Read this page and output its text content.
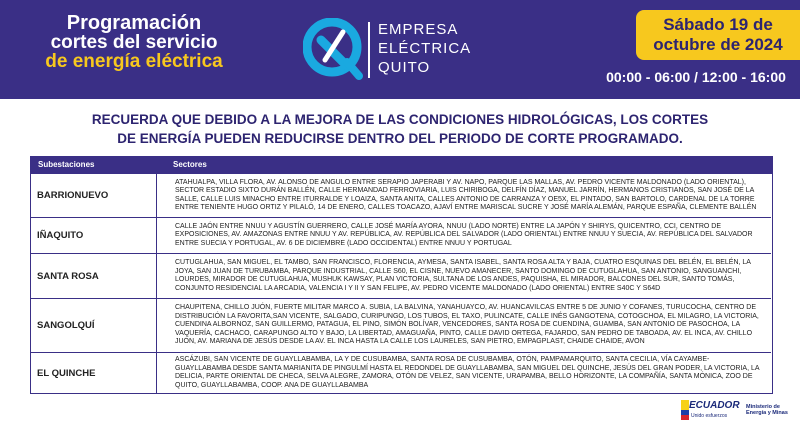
Programación
cortes del servicio
de energía eléctrica
EMPRESA
ELÉCTRICA
QUITO
Sábado 19 de
octubre de 2024
00:00 - 06:00 / 12:00 - 16:00
RECUERDA QUE DEBIDO A LA MEJORA DE LAS CONDICIONES HIDROLÓGICAS, LOS CORTES
DE ENERGÍA PUEDEN REDUCIRSE DENTRO DEL PERIODO DE CORTE PROGRAMADO.
Subestaciones	Sectores
BARRIONUEVO
ATAHUALPA, VILLA FLORA, AV. ALONSO DE ANGULO ENTRE SERAPIO JAPERABI Y AV. NAPO, PARQUE LAS MALLAS, AV. PEDRO VICENTE MALDONADO (LADO ORIENTAL), SECTOR ESTADIO SIXTO DURÁN BALLÉN, CALLE HERMANDAD FERROVIARIA, LUIS CHIRIBOGA, DELFÍN DÍAZ, MANUEL JARRÍN, HERMANOS CRISTIANOS, SAN JOSÉ DE LA SALLE, CALLE LUIS MINACHO ENTRE ITURRALDE Y LOAIZA, SANTA ANITA, CALLES ANTONIO DE CARRANZA Y OE5X, EL PINTADO, SAN BARTOLO, CARDENAL DE LA TORRE ENTRE TENIENTE HUGO ORTIZ Y PILALÓ, 14 DE ENERO, CALLES TOACAZO, AJAVÍ ENTRE MARISCAL SUCRE Y JOSÉ MARÍA ALEMÁN, PARQUE ESPAÑA, CLEMENTE BALLÉN
IÑAQUITO
CALLE JAÓN ENTRE NNUU Y AGUSTÍN GUERRERO, CALLE JOSÉ MARÍA AYORA, NNUU (LADO NORTE) ENTRE LA JAPÓN Y SHIRYS, QUICENTRO, CCI, CENTRO DE EXPOSICIONES, AV. AMAZONAS ENTRE NNUU Y AV. REPÚBLICA, AV. REPÚBLICA DEL SALVADOR (LADO ORIENTAL) ENTRE NNUU Y SUECIA, AV. REPÚBLICA DEL SALVADOR ENTRE SUECIA Y PORTUGAL, AV. 6 DE DICIEMBRE (LADO OCCIDENTAL) ENTRE NNUU Y PORTUGAL
SANTA ROSA
CUTUGLAHUA, SAN MIGUEL, EL TAMBO, SAN FRANCISCO, FLORENCIA, AYMESA, SANTA ISABEL, SANTA ROSA ALTA Y BAJA, CUATRO ESQUINAS DEL BELÉN, EL BELÉN, LA JOYA, SAN JUAN DE TURUBAMBA, PARQUE INDUSTRIAL, CALLE S60, EL CISNE, NUEVO AMANECER, SANTO DOMINGO DE CUTUGLAHUA, SAN ANTONIO, SANGUANCHI, LOURDES, MIRADOR DE CUTUGLAHUA, MUSHUK KAWSAY, PLAN VICTORIA, SULTANA DE LOS ANDES, PAQUISHA, EL MIRADOR, BALCONES DEL SUR, SANTO TOMÁS, CONJUNTO RESIDENCIAL LA ARCADIA, VALENCIA I Y II Y SAN FELIPE, AV. PEDRO VICENTE MALDONADO (LADO ORIENTAL) ENTRE S40C Y S64D
SANGOLQUÍ
CHAUPITENA, CHILLO JUÓN, FUERTE MILITAR MARCO A. SUBIA, LA BALVINA, YANAHUAYCO, AV. HUANCAVILCAS ENTRE 5 DE JUNIO Y COFANES, TURUCOCHA, CENTRO DE DISTRIBUCIÓN LA FAVORITA,SAN VICENTE, SALGADO, CURIPUNGO, LOS TUBOS, EL TAXO, PULINCATE, CALLE INÉS GANGOTENA, COTOGCHOA, EL MILAGRO, LA VICTORIA, CUENDINA ALBORNOZ, SAN GUILLERMO, PATAGUA, EL PINO, SIMÓN BOLÍVAR, VENCEDORES, SANTA ROSA DE CUENDINA, GUAMBA, SAN ANTONIO DE PASOCHOA, LA VAQUERÍA, CACHACO, CARAPUNGO ALTO Y BAJO, LA LIBERTAD, AMAGUAÑA, PINTO, CALLE DAVID ORTEGA, FAJARDO, SAN PEDRO DE TABOADA, AV. EL INCA, AV. CHILLO JUÓN, AV. MARIANA DE JESÚS DESDE LA AV. EL INCA HASTA LA CALLE LOS LAURELES, SAN PIETRO, EMPAGPLAST, CHAIDE CHAIDE, AVON
EL QUINCHE
ASCÁZUBI, SAN VICENTE DE GUAYLLABAMBA, LA Y DE CUSUBAMBA, SANTA ROSA DE CUSUBAMBA, OTÓN, PAMPAMARQUITO, SANTA CECILIA, VÍA CAYAMBE-GUAYLLABAMBA DESDE SANTA MARIANITA DE PINGULMÍ HASTA EL REDONDEL DE GUAYLLABAMBA, SAN MIGUEL DEL QUINCHE, JESÚS DEL GRAN PODER, LA VICTORIA, LA DELICIA, PARTE ORIENTAL DE CHECA, SELVA ALEGRE, ZAMORA, OTÓN DE VELEZ, SAN VICENTE, URAPAMBA, BELLO HORIZONTE, LA COMPAÑÍA, SANTA MÓNICA, ZOO DE QUITO, GUAYLLABAMBA, COOP. ANA DE GUAYLLABAMBA
ECUADOR
Unido esfuerzos
Ministerio de
Energía y Minas
